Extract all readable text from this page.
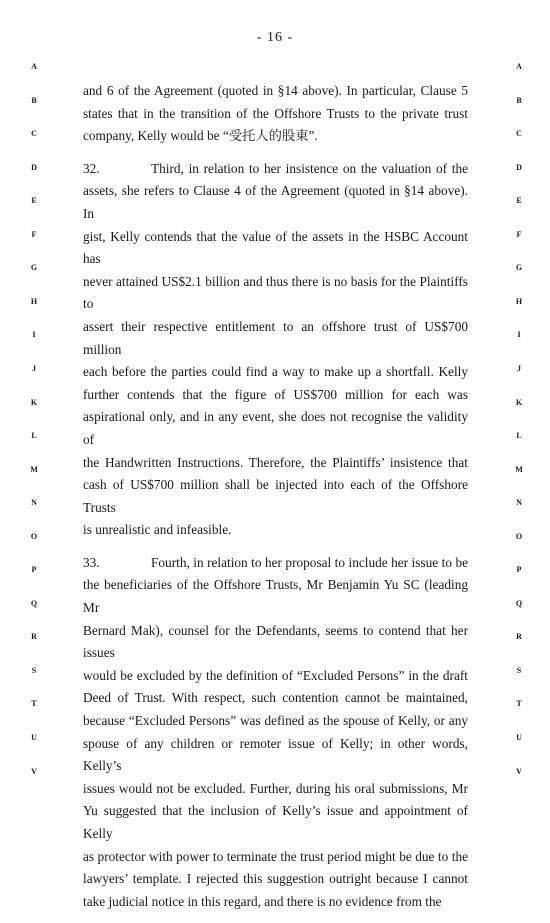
- 16 -
A	A
B	B
C	C
D	D
E	E
F	F
G	G
H	H
I	I
J	J
K	K
L	L
M	M
N	N
O	O
P	P
Q	Q
R	R
S	S
T	T
U	U
V	V
and 6 of the Agreement (quoted in §14 above). In particular, Clause 5
states that in the transition of the Offshore Trusts to the private trust
company, Kelly would be “受托人的股東”.
32.	Third, in relation to her insistence on the valuation of the
assets, she refers to Clause 4 of the Agreement (quoted in §14 above). In
gist, Kelly contends that the value of the assets in the HSBC Account has
never attained US$2.1 billion and thus there is no basis for the Plaintiffs to
assert their respective entitlement to an offshore trust of US$700 million
each before the parties could find a way to make up a shortfall. Kelly
further contends that the figure of US$700 million for each was
aspirational only, and in any event, she does not recognise the validity of
the Handwritten Instructions. Therefore, the Plaintiffs’ insistence that
cash of US$700 million shall be injected into each of the Offshore Trusts
is unrealistic and infeasible.
33.	Fourth, in relation to her proposal to include her issue to be
the beneficiaries of the Offshore Trusts, Mr Benjamin Yu SC (leading Mr
Bernard Mak), counsel for the Defendants, seems to contend that her issues
would be excluded by the definition of “Excluded Persons” in the draft
Deed of Trust. With respect, such contention cannot be maintained,
because “Excluded Persons” was defined as the spouse of Kelly, or any
spouse of any children or remoter issue of Kelly; in other words, Kelly’s
issues would not be excluded. Further, during his oral submissions, Mr
Yu suggested that the inclusion of Kelly’s issue and appointment of Kelly
as protector with power to terminate the trust period might be due to the
lawyers’ template. I rejected this suggestion outright because I cannot
take judicial notice in this regard, and there is no evidence from the
